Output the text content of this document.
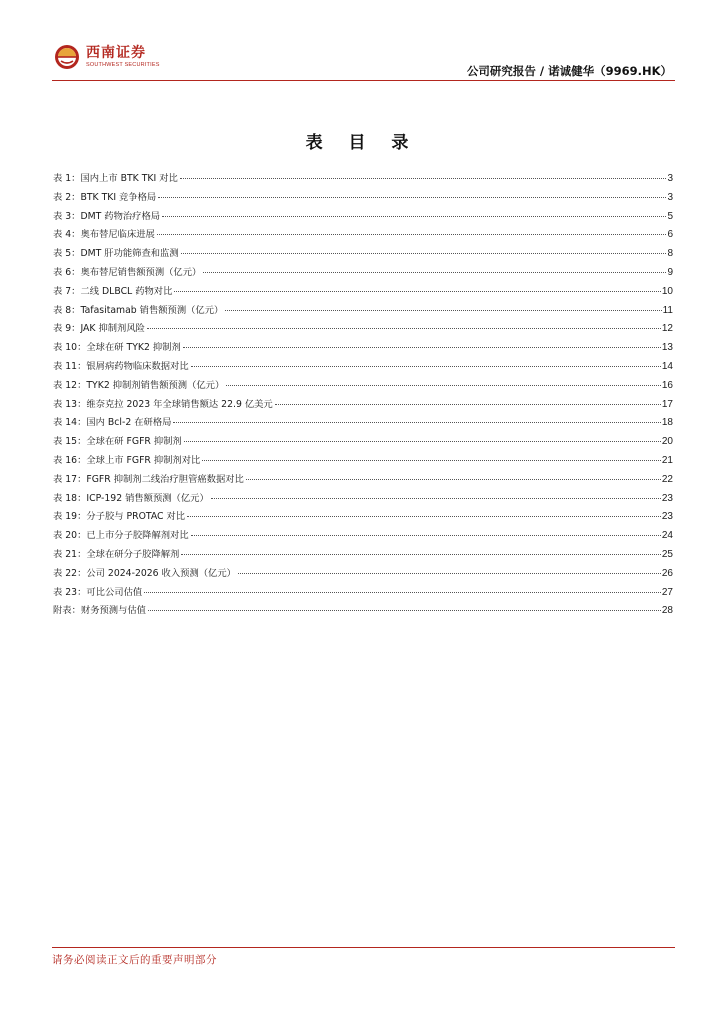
西南证券
SOUTHWEST SECURITIES	公司研究报告 / 诺诚健华（9969.HK）
表 目 录
表 1：国内上市 BTK TKI 对比	3
表 2：BTK TKI 竞争格局	3
表 3：DMT 药物治疗格局	5
表 4：奥布替尼临床进展	6
表 5：DMT 肝功能筛查和监测	8
表 6：奥布替尼销售额预测（亿元）	9
表 7：二线 DLBCL 药物对比	10
表 8：Tafasitamab 销售额预测（亿元）	11
表 9：JAK 抑制剂风险	12
表 10：全球在研 TYK2 抑制剂	13
表 11：银屑病药物临床数据对比	14
表 12：TYK2 抑制剂销售额预测（亿元）	16
表 13：维奈克拉 2023 年全球销售额达 22.9 亿美元	17
表 14：国内 Bcl-2 在研格局	18
表 15：全球在研 FGFR 抑制剂	20
表 16：全球上市 FGFR 抑制剂对比	21
表 17：FGFR 抑制剂二线治疗胆管癌数据对比	22
表 18：ICP-192 销售额预测（亿元）	23
表 19：分子胶与 PROTAC 对比	23
表 20：已上市分子胶降解剂对比	24
表 21：全球在研分子胶降解剂	25
表 22：公司 2024-2026 收入预测（亿元）	26
表 23：可比公司估值	27
附表：财务预测与估值	28
请务必阅读正文后的重要声明部分
